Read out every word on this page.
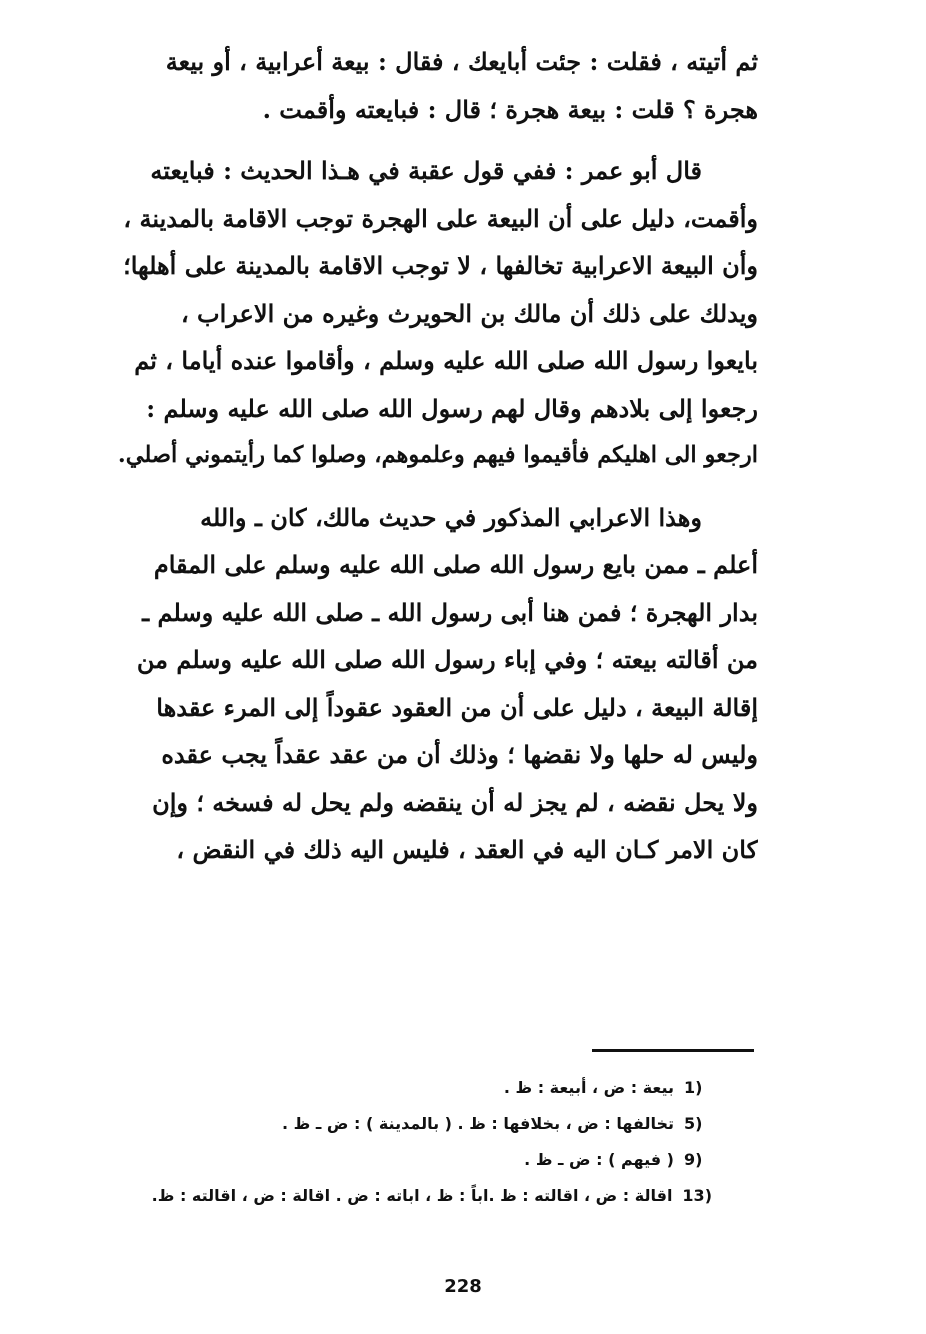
ثم أتيته ، فقلت : جئت أبايعك ، فقال : بيعة أعرابية ، أو بيعة
هجرة ؟ قلت : بيعة هجرة ؛ قال : فبايعته وأقمت .
قال أبو عمر : ففي قول عقبة في هـذا الحديث : فبايعته
وأقمت، دليل على أن البيعة على الهجرة توجب الاقامة بالمدينة ،
وأن البيعة الاعرابية تخالفها ، لا توجب الاقامة بالمدينة على أهلها؛
ويدلك على ذلك أن مالك بن الحويرث وغيره من الاعراب ،
بايعوا رسول الله صلى الله عليه وسلم ، وأقاموا عنده أياما ، ثم
رجعوا إلى بلادهم وقال لهم رسول الله صلى الله عليه وسلم :
ارجعو الى اهليكم فأقيموا فيهم وعلموهم، وصلوا كما رأيتموني أصلي.
وهذا الاعرابي المذكور في حديث مالك، كان ـ والله
أعلم ـ ممن بايع رسول الله صلى الله عليه وسلم على المقام
بدار الهجرة ؛ فمن هنا أبى رسول الله ـ صلى الله عليه وسلم ـ
من أقالته بيعته ؛ وفي إباء رسول الله صلى الله عليه وسلم من
إقالة البيعة ، دليل على أن من العقود عقوداً إلى المرء عقدها
وليس له حلها ولا نقضها ؛ وذلك أن من عقد عقداً يجب عقده
ولا يحل نقضه ، لم يجز له أن ينقضه ولم يحل له فسخه ؛ وإن
كان الامر كـان اليه في العقد ، فليس اليه ذلك في النقض ،
1)بيعة : ض ، أبيعة : ظ .
5)تخالفها : ض ، بخلافها : ظ . ( بالمدينة ) : ض ـ ظ .
9)( فيهم ) : ض ـ ظ .
13)اقالة : ض ، اقالته : ظ .اباً : ظ ، اباته : ض . اقالة : ض ، اقالته : ظ.
228
